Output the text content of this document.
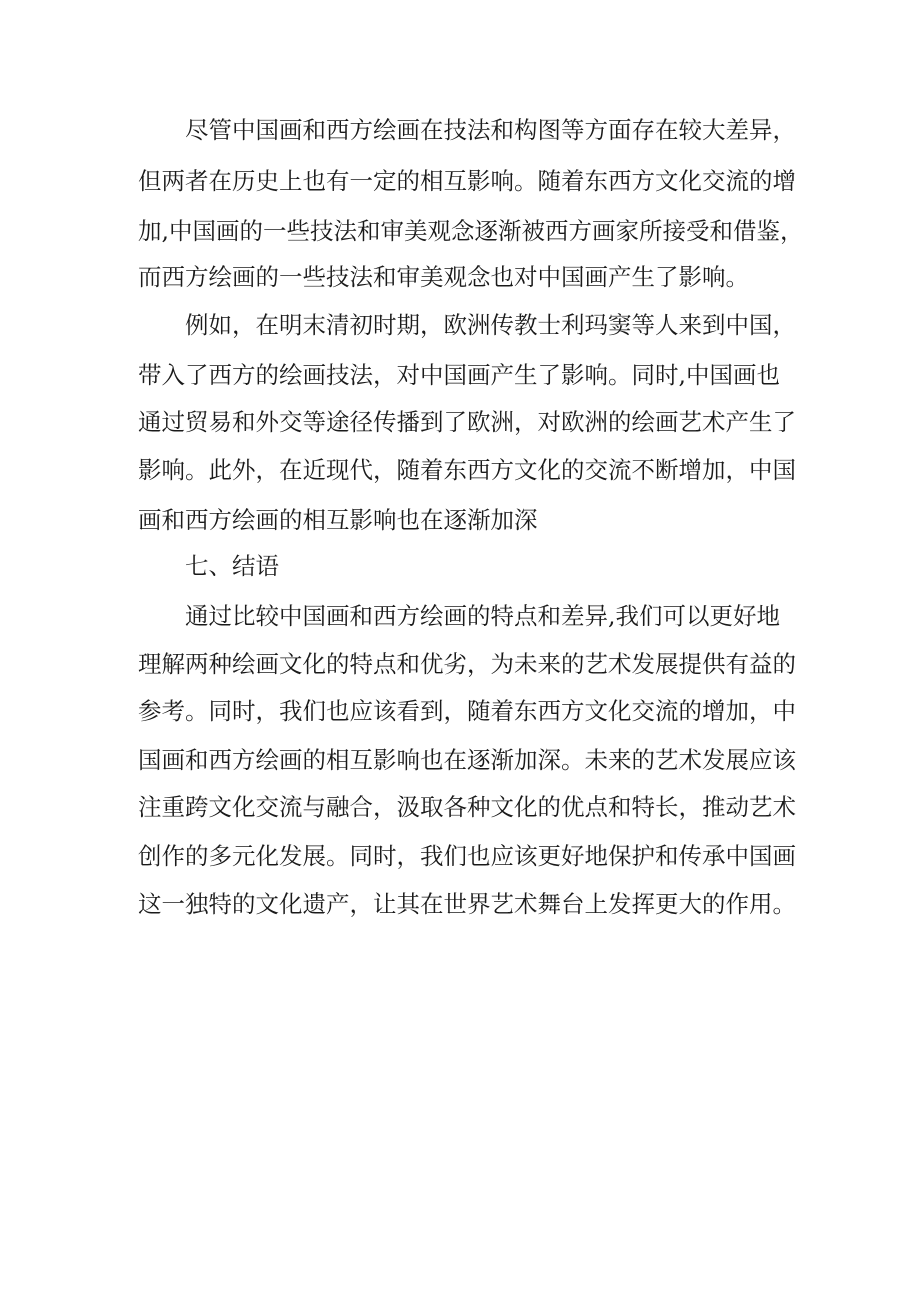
尽管中国画和西方绘画在技法和构图等方面存在较大差异，
但两者在历史上也有一定的相互影响。随着东西方文化交流的增
加,中国画的一些技法和审美观念逐渐被西方画家所接受和借鉴，
而西方绘画的一些技法和审美观念也对中国画产生了影响。
例如，在明末清初时期，欧洲传教士利玛窦等人来到中国，
带入了西方的绘画技法，对中国画产生了影响。同时,中国画也
通过贸易和外交等途径传播到了欧洲，对欧洲的绘画艺术产生了
影响。此外，在近现代，随着东西方文化的交流不断增加，中国
画和西方绘画的相互影响也在逐渐加深
七、结语
通过比较中国画和西方绘画的特点和差异,我们可以更好地
理解两种绘画文化的特点和优劣，为未来的艺术发展提供有益的
参考。同时，我们也应该看到，随着东西方文化交流的增加，中
国画和西方绘画的相互影响也在逐渐加深。未来的艺术发展应该
注重跨文化交流与融合，汲取各种文化的优点和特长，推动艺术
创作的多元化发展。同时，我们也应该更好地保护和传承中国画
这一独特的文化遗产，让其在世界艺术舞台上发挥更大的作用。
